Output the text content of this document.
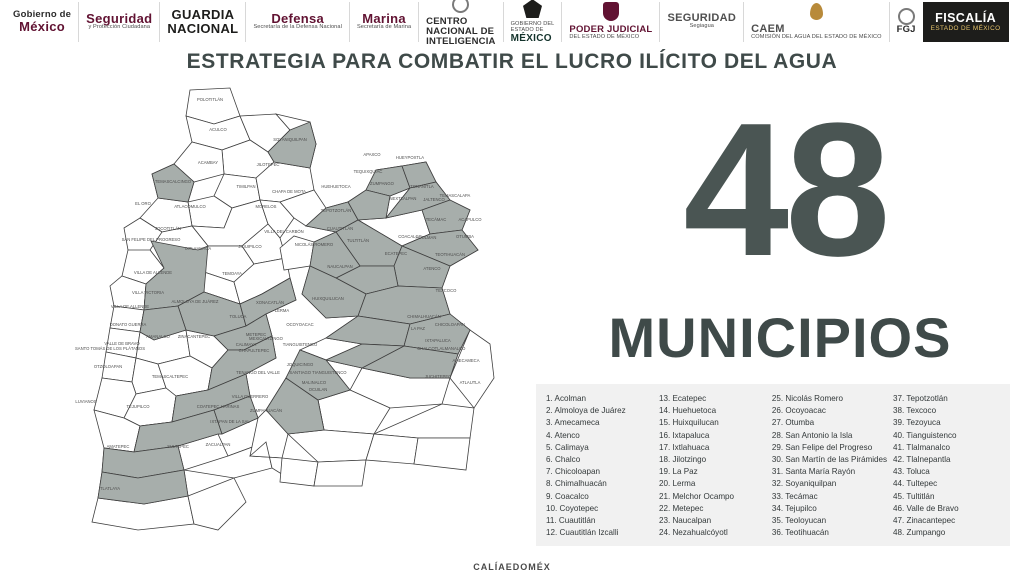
Gobierno de
México
Seguridad
y Protección Ciudadana
GUARDIA
NACIONAL
Defensa
Secretaría de la Defensa Nacional
Marina
Secretaría de Marina CENTRO
NACIONAL DE
INTELIGENCIA
GOBIERNO DEL
ESTADO DE
MÉXICO
PODER JUDICIAL
DEL ESTADO DE MÉXICO
SEGURIDAD
Segiagua	CAEM
COMISIÓN DEL AGUA DEL ESTADO DE MÉXICO
FGJ
FISCALÍA
ESTADO DE MÉXICO
ESTRATEGIA PARA COMBATIR EL LUCRO ILÍCITO DEL AGUA
POLOTITLÁN
ACULCO
SOYANIQUILPAN
JILOTEPEC
ACAMBAY
TEMASCALCINGO
APAXCO
HUEYPOXTLA
TEQUIXQUIAC
ZUMPANGO
TIMILPAN
CHAPA DE MOTA
MORELOS
HUEHUETOCA	TONANITLA
NEXTLALPAN JALTENCO
TEMASCALAPA
EL ORO
ATLACOMULCO
TEPOTZOTLÁN
TECÁMAC	ACAPULCO
JOCOTITLÁN
VILLA DEL CARBÓN
CUAUTITLÁN
NICOLÁS ROMERO
TULTITLÁN
COACALCO
ACOLMAN	OTUMBA
SAN FELIPE DEL PROGRESO
IXTLAHUACA	JIQUIPILCO
ECATEPEC	TEOTIHUACÁN
VILLA DE ALLENDE	TEMOAYA
NAUCALPAN	ATENCO
VILLA VICTORIA
ALMOLOYA DE JUÁREZ
HUIXQUILUCAN
TEXCOCO
TOLUCA
LERMA
XONACATLÁN
VILLA DE ALLENDE
AMANALCO ZINACANTEPEC
OCOYOACAC
CHIMALHUACÁN
CHICOLOAPAN
VALLE DE BRAVO
DONATO GUERRA
OTZOLOAPAN
SANTO TOMÁS DE LOS PLÁTANOS
TEMASCALTEPEC
CALIMAYA
METEPEC
MEXICALTZINGO
CHAPULTEPEC
TIANGUISTENCO
LA PAZ
IXTAPALUCA
CHALCO TLALMANALCO
AMECAMECA
TENANGO DEL VALLE
JOQUICINGO
SANTIAGO TIANGUISTENCO
MALINALCO
OCUILAN
JUCHITEPEC
ATLAUTLA
TEJUPILCO
LUVIANOS
COATEPEC HARINAS
VILLA GUERRERO
ZUMPAHUACÁN
IXTAPAN DE LA SAL
SULTEPEC	ZACUALPAN
AMATEPEC
TLATLAYA
48
MUNICIPIOS
1. Acolman
2. Almoloya de Juárez
3. Amecameca
4. Atenco
5. Calimaya
6. Chalco
7. Chicoloapan
8. Chimalhuacán
9. Coacalco
10. Coyotepec
11. Cuautitlán
12. Cuautitlán Izcalli
13. Ecatepec
14. Huehuetoca
15. Huixquilucan
16. Ixtapaluca
17. Ixtlahuaca
18. Jilotzingo
19. La Paz
20. Lerma
21. Melchor Ocampo
22. Metepec
23. Naucalpan
24. Nezahualcóyotl
25. Nicolás Romero
26. Ocoyoacac
27. Otumba
28. San Antonio la Isla
29. San Felipe del Progreso
30. San Martín de las Pirámides
31. Santa María Rayón
32. Soyaniquilpan
33. Tecámac
34. Tejupilco
35. Teoloyucan
36. Teotihuacán
37. Tepotzotlán
38. Texcoco
39. Tezoyuca
40. Tianguistenco
41. Tlalmanalco
42. Tlalnepantla
43. Toluca
44. Tultepec
45. Tultitlán
46. Valle de Bravo
47. Zinacantepec
48. Zumpango
CALÍAEDOMÉX
